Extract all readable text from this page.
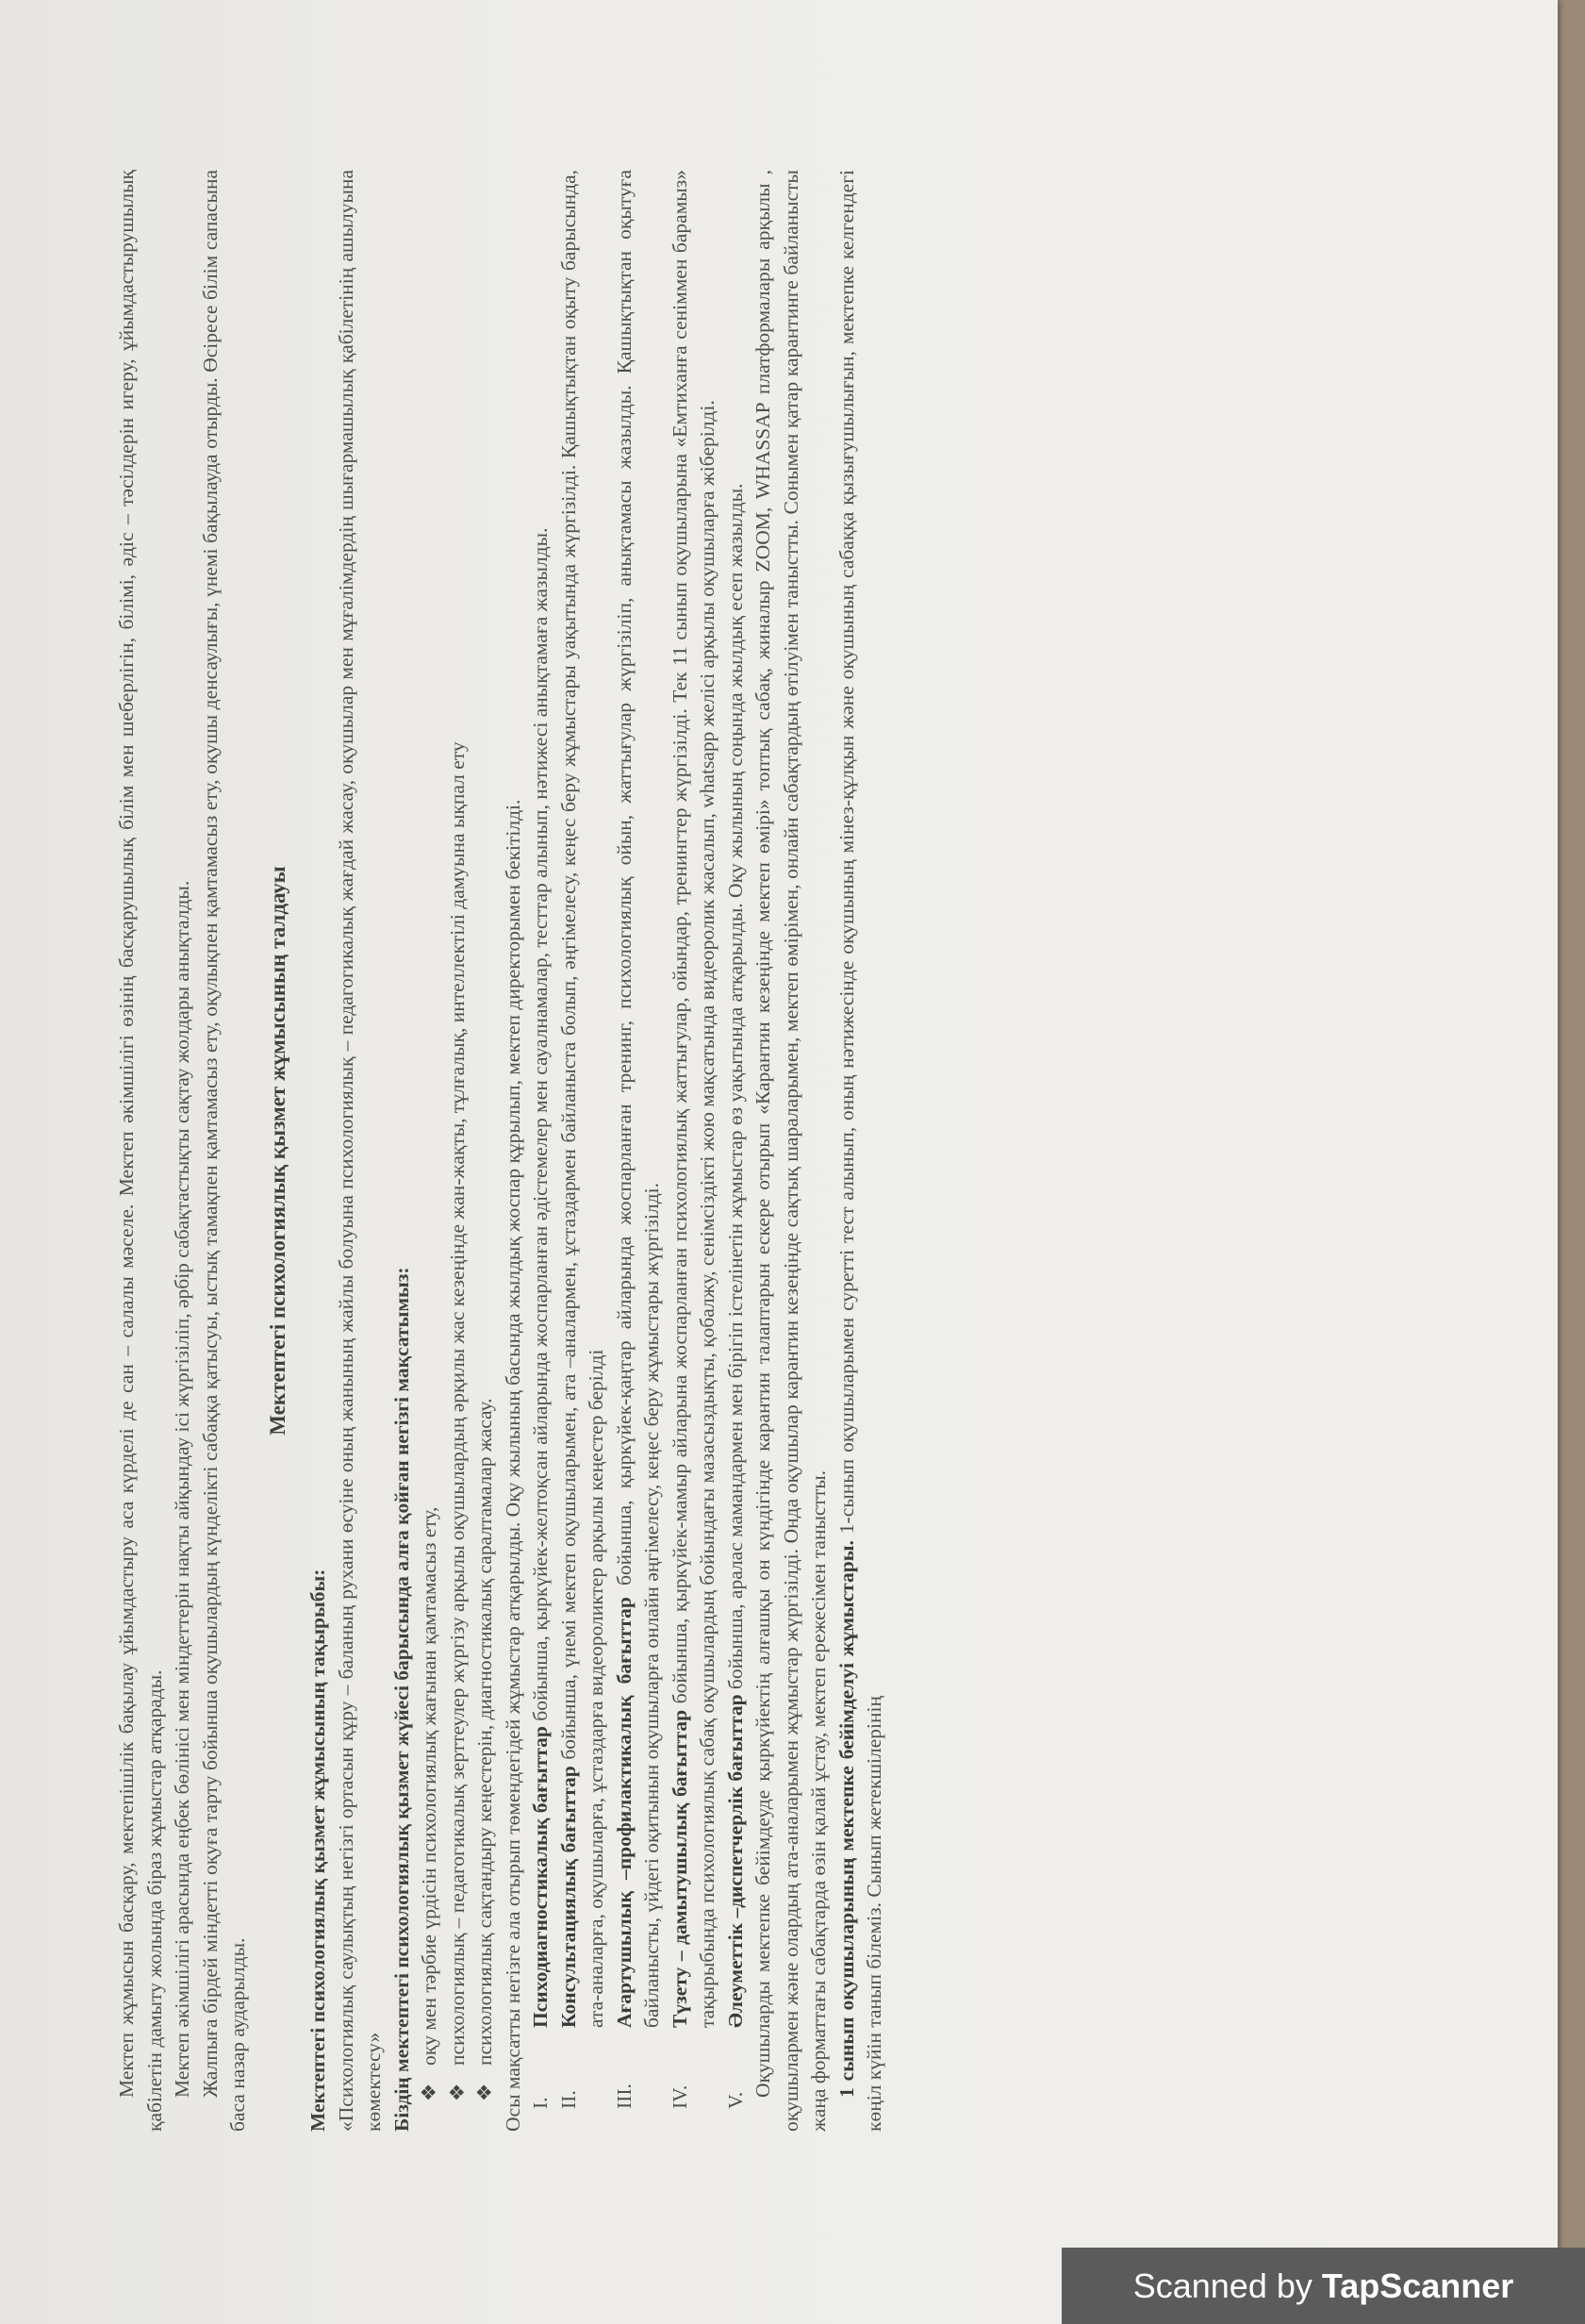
Мектеп жұмысын басқару, мектепішілік бақылау ұйымдастыру аса күрделі де сан – салалы мәселе. Мектеп әкімшілігі өзінің басқарушылық білім мен шеберлігін, білімі, әдіс – тәсілдерін игеру, ұйымдастырушылық қабілетін дамыту жолында біраз жұмыстар атқарады. Мектеп әкімшілігі арасында еңбек бөлінісі мен міндеттерін нақты айқындау ісі жүргізіліп, әрбір сабақтастықты сақтау жолдары анықталды. Жалпыға бірдей міндетті оқуға тарту бойынша оқушылардың күнделікті сабаққа қатысуы, ыстық тамақпен қамтамасыз ету, оқулықпен қамтамасыз ету, оқушы денсаулығы, үнемі бақылауда отырды. Өсіресе білім сапасына баса назар аударылды.

Мектептегі психологиялық қызмет жұмысының талдауы

Мектептегі психологиялық қызмет жұмысының тақырыбы: «Психологиялық саулықтың негізгі ортасын құру – баланың рухани өсуіне оның жанының жайлы болуына психологиялық – педагогикалық жағдай жасау, оқушылар мен мұғалімдердің шығармашылық қабілетінің ашылуына көмектесу» Біздің мектептегі психологиялық қызмет жүйесі барысында алға қойған негізгі мақсатымыз: ❖оқу мен тәрбие үрдісін психологиялық жағынан қамтамасыз ету,

❖психологиялық – педагогикалық зерттеулер жүргізу арқылы оқушылардың әрқилы жас кезеңінде жан-жақты, тұлғалық, интеллектілі дамуына ықпал ету

❖психологиялық сақтандыру кеңестерін, диагностикалық саралтамалар жасау. Осы мақсатты негізге ала отырып төмендегідей жұмыстар атқарылды. Оқу жылының басында жылдық жоспар құрылып, мектеп директорымен бекітілді. I.Психодиагностикалық бағыттар бойынша, қыркүйек-желтоқсан айларында жоспарланған әдістемелер мен сауалнамалар, тесттар алынып, нәтижесі анықтамаға жазылды.

II.Консультациялық бағыттар бойынша, үнемі мектеп оқушыларымен, ата –аналармен, ұстаздармен байланыста болып, әңгімелесу, кеңес беру жұмыстары уақытында жүргізілді. Қашықтықтан оқыту барысында, ата-аналарға, оқушыларға, ұстаздарға видеороликтер арқылы кеңестер берілді

III.Ағартушылық –профилактикалық бағыттар бойынша, қыркүйек-қаңтар айларында жоспарланған тренинг, психологиялық ойын, жаттығулар жүргізіліп, анықтамасы жазылды. Қашықтықтан оқытуға байланысты, үйдегі оқитынын оқушыларға онлайн әңгімелесу, кеңес беру жұмыстары жүргізілді.

IV.Түзету – дамытушылық бағыттар бойынша, қыркүйек-мамыр айларына жоспарланған психологиялық жаттығулар, ойындар, тренингтер жүргізілді. Тек 11 сынып оқушыларына «Емтиханға сеніммен барамыз» тақырыбында психологиялық сабақ оқушылардың бойындағы мазасыздықты, қобалжу, сенімсіздікті жою мақсатында видеоролик жасалып, whatsapp желісі арқылы оқушыларға жіберілді.

V.Әлеуметтік –диспетчерлік бағыттар бойынша, аралас мамандармен мен бірігіп істелінетін жұмыстар өз уақытында атқарылды. Оқу жылының соңында жылдық есеп жазылды. Оқушыларды мектепке бейімдеуде қыркүйектің алғашқы он күндігінде карантин талаптарын ескере отырып «Карантин кезеңінде мектеп өмірі» топтық сабақ, жиналыр ZOOM, WHASSAP платформалары арқылы , оқушылармен және олардың ата-аналарымен жұмыстар жүргізілді. Онда оқушылар карантин кезеңінде сақтық шараларымен, мектеп өмірімен, онлайн сабақтардың өтілуімен таныстты. Сонымен қатар карантинге байланысты жаңа форматтағы сабақтарда өзін қалай ұстау, мектеп ережесімен таныстты. 1 сынып оқушыларының мектепке бейімделуі жұмыстары. 1-сынып оқушыларымен суреттi тест алынып, оның нәтижесiнде оқушының мiнез-құлқын және оқушының сабаққа қызығушылығын, мектепке келгендегi көңiл күйiн танып бiлемiз. Сынып жетекшiлерінің

Scanned by TapScanner
